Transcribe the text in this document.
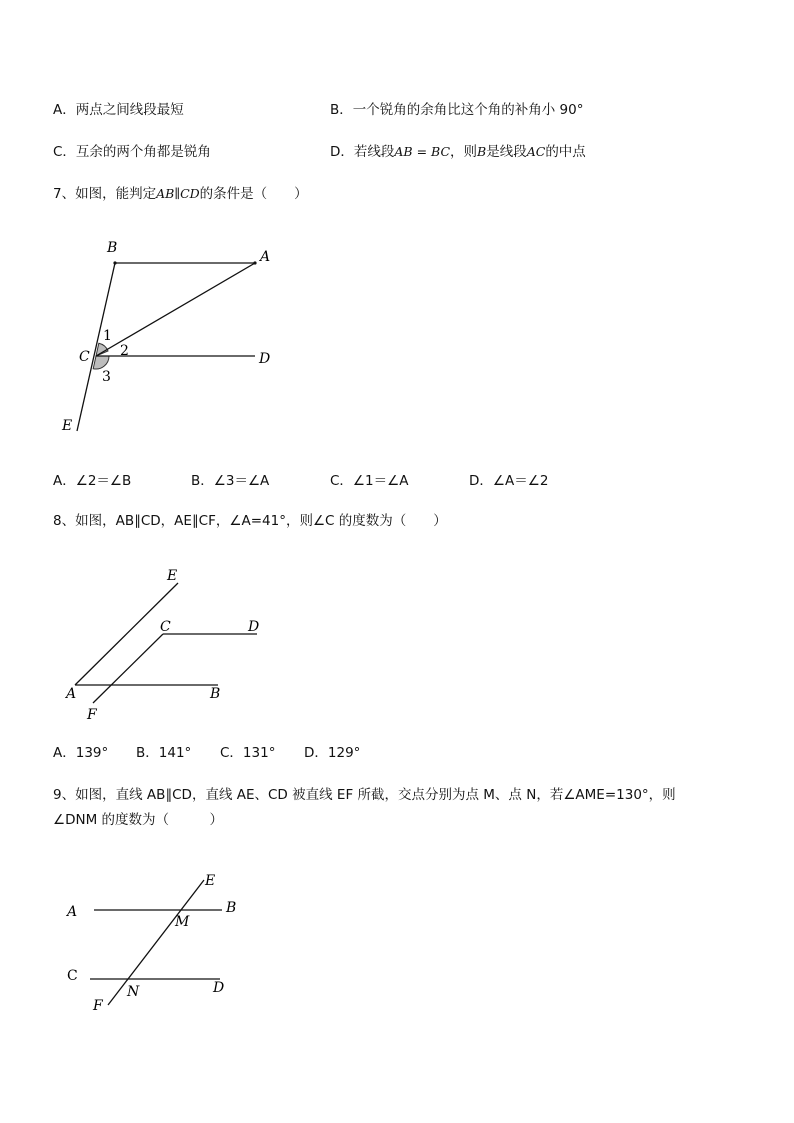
A．两点之间线段最短	B．一个锐角的余角比这个角的补角小 90°
C．互余的两个角都是锐角	D．若线段AB = BC，则B是线段AC的中点
7、如图，能判定AB∥CD的条件是（　　）
B
A
C	D
E
1
2
3
A．∠2＝∠B	B．∠3＝∠A	C．∠1＝∠A	D．∠A＝∠2
8、如图，AB∥CD，AE∥CF，∠A=41°，则∠C 的度数为（　　）
E
C	D
A	B
F
A．139° B．141° C．131° D．129°
9、如图，直线 AB∥CD，直线 AE、CD 被直线 EF 所截，交点分别为点 M、点 N，若∠AME=130°，则
∠DNM 的度数为（　　　）
E
A	B
M
C
N	D
F
